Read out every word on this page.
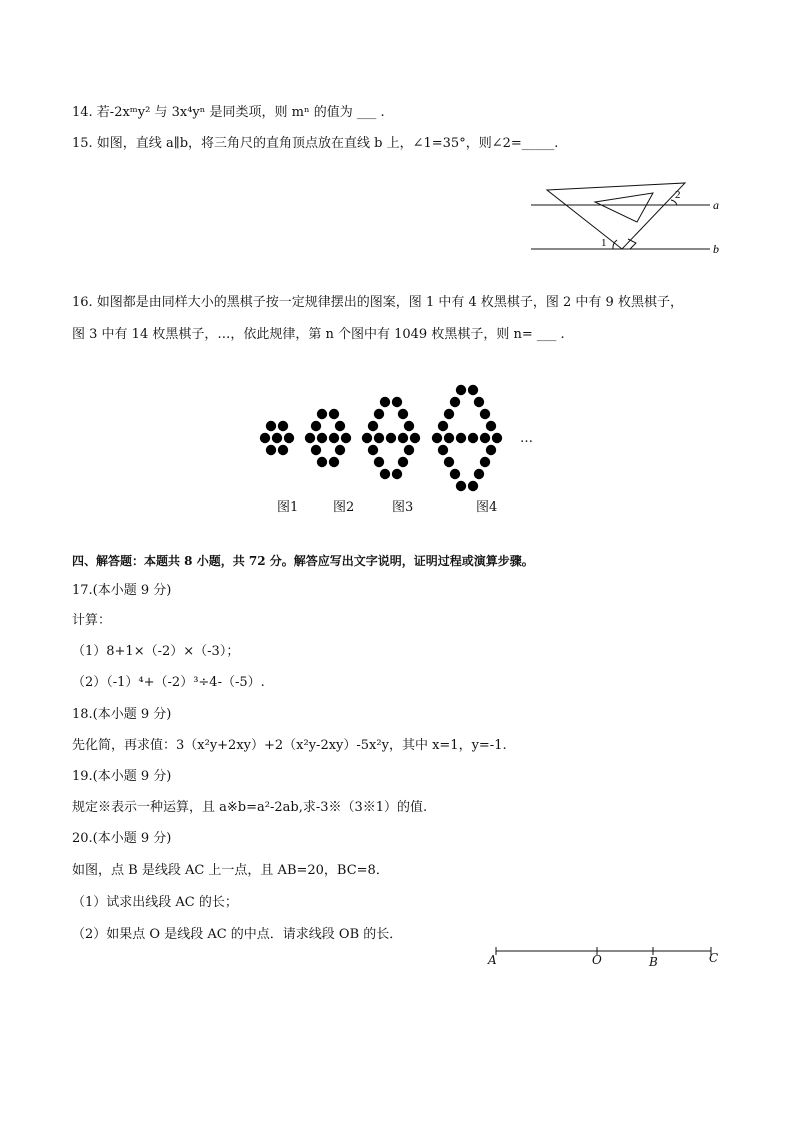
14. 若-2xᵐy² 与 3x⁴yⁿ 是同类项，则 mⁿ 的值为 ___ .
15. 如图，直线 a∥b，将三角尺的直角顶点放在直线 b 上，∠1=35°，则∠2=_____.
a
b
1
2
16. 如图都是由同样大小的黑棋子按一定规律摆出的图案，图 1 中有 4 枚黑棋子，图 2 中有 9 枚黑棋子，
图 3 中有 14 枚黑棋子，…，依此规律，第 n 个图中有 1049 枚黑棋子，则 n= ___ .
…
图1	图2	图3	图4
四、解答题：本题共 8 小题，共 72 分。解答应写出文字说明，证明过程或演算步骤。
17.(本小题 9 分)
计算：
（1）8+1×（-2）×（-3）；
（2）（-1）⁴+（-2）³÷4-（-5）.
18.(本小题 9 分)
先化简，再求值：3（x²y+2xy）+2（x²y-2xy）-5x²y，其中 x=1，y=-1.
19.(本小题 9 分)
规定※表示一种运算，且 a※b=a²-2ab,求-3※（3※1）的值.
20.(本小题 9 分)
如图，点 B 是线段 AC 上一点，且 AB=20，BC=8．
（1）试求出线段 AC 的长；
（2）如果点 O 是线段 AC 的中点．请求线段 OB 的长．
A	O	B	C
